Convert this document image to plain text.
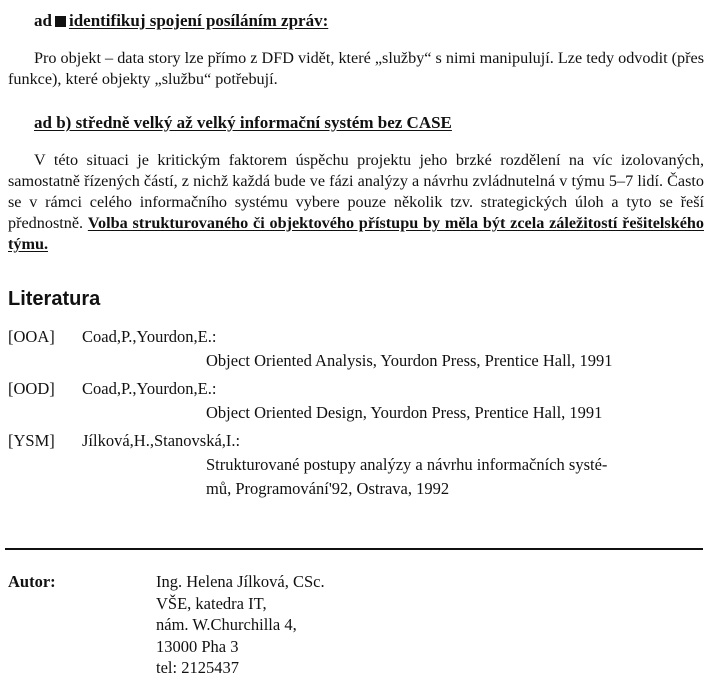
ad identifikuj spojení posíláním zpráv:

Pro objekt – data story lze přímo z DFD vidět, které „služby“ s nimi manipulují. Lze tedy odvodit (přes funkce), které objekty „službu“ potřebují.

ad b) středně velký až velký informační systém bez CASE

V této situaci je kritickým faktorem úspěchu projektu jeho brzké rozdělení na víc izolovaných, samostatně řízených částí, z nichž každá bude ve fázi analýzy a návrhu zvládnutelná v týmu 5–7 lidí. Často se v rámci celého informačního systému vybere pouze několik tzv. strategických úloh a tyto se řeší přednostně. Volba strukturovaného či objektového přístupu by měla být zcela záležitostí řešitelského týmu.

Literatura
[OOA] Coad,P.,Yourdon,E.:
Object Oriented Analysis, Yourdon Press, Prentice Hall, 1991
[OOD] Coad,P.,Yourdon,E.:
Object Oriented Design, Yourdon Press, Prentice Hall, 1991
[YSM] Jílková,H.,Stanovská,I.:
Strukturované postupy analýzy a návrhu informačních systé-
mů, Programování'92, Ostrava, 1992
Autor:	Ing. Helena Jílková, CSc.
VŠE, katedra IT,
nám. W.Churchilla 4,
13000 Pha 3
tel: 2125437
